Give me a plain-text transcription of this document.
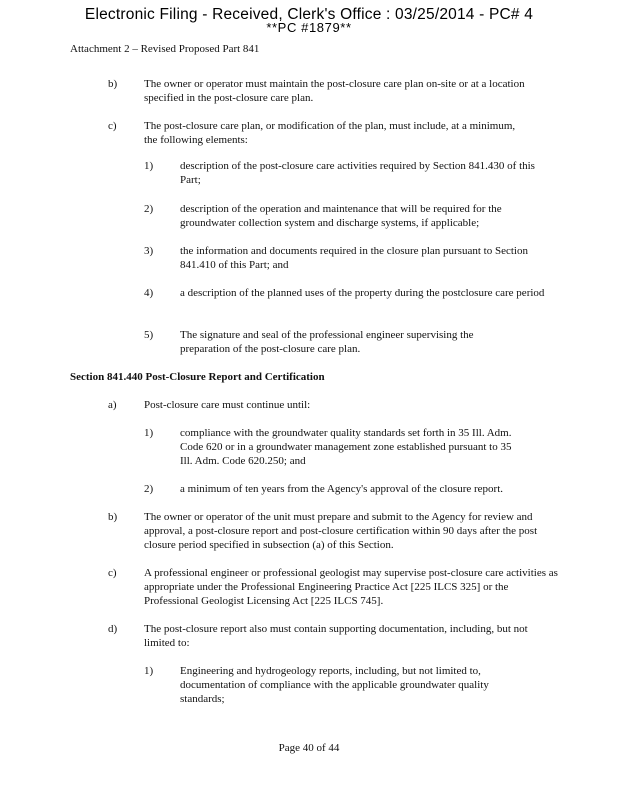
Electronic Filing - Received, Clerk's Office : 03/25/2014 - PC# 4
**PC #1879**
Attachment 2 – Revised Proposed Part 841
b) The owner or operator must maintain the post-closure care plan on-site or at a location specified in the post-closure care plan.
c) The post-closure care plan, or modification of the plan, must include, at a minimum, the following elements:
1) description of the post-closure care activities required by Section 841.430 of this Part;
2) description of the operation and maintenance that will be required for the groundwater collection system and discharge systems, if applicable;
3) the information and documents required in the closure plan pursuant to Section 841.410 of this Part; and
4) a description of the planned uses of the property during the postclosure care period
5) The signature and seal of the professional engineer supervising the preparation of the post-closure care plan.
Section 841.440 Post-Closure Report and Certification
a) Post-closure care must continue until:
1) compliance with the groundwater quality standards set forth in 35 Ill. Adm. Code 620 or in a groundwater management zone established pursuant to 35 Ill. Adm. Code 620.250; and
2) a minimum of ten years from the Agency's approval of the closure report.
b) The owner or operator of the unit must prepare and submit to the Agency for review and approval, a post-closure report and post-closure certification within 90 days after the post closure period specified in subsection (a) of this Section.
c) A professional engineer or professional geologist may supervise post-closure care activities as appropriate under the Professional Engineering Practice Act [225 ILCS 325] or the Professional Geologist Licensing Act [225 ILCS 745].
d) The post-closure report also must contain supporting documentation, including, but not limited to:
1) Engineering and hydrogeology reports, including, but not limited to, documentation of compliance with the applicable groundwater quality standards;
Page 40 of 44
